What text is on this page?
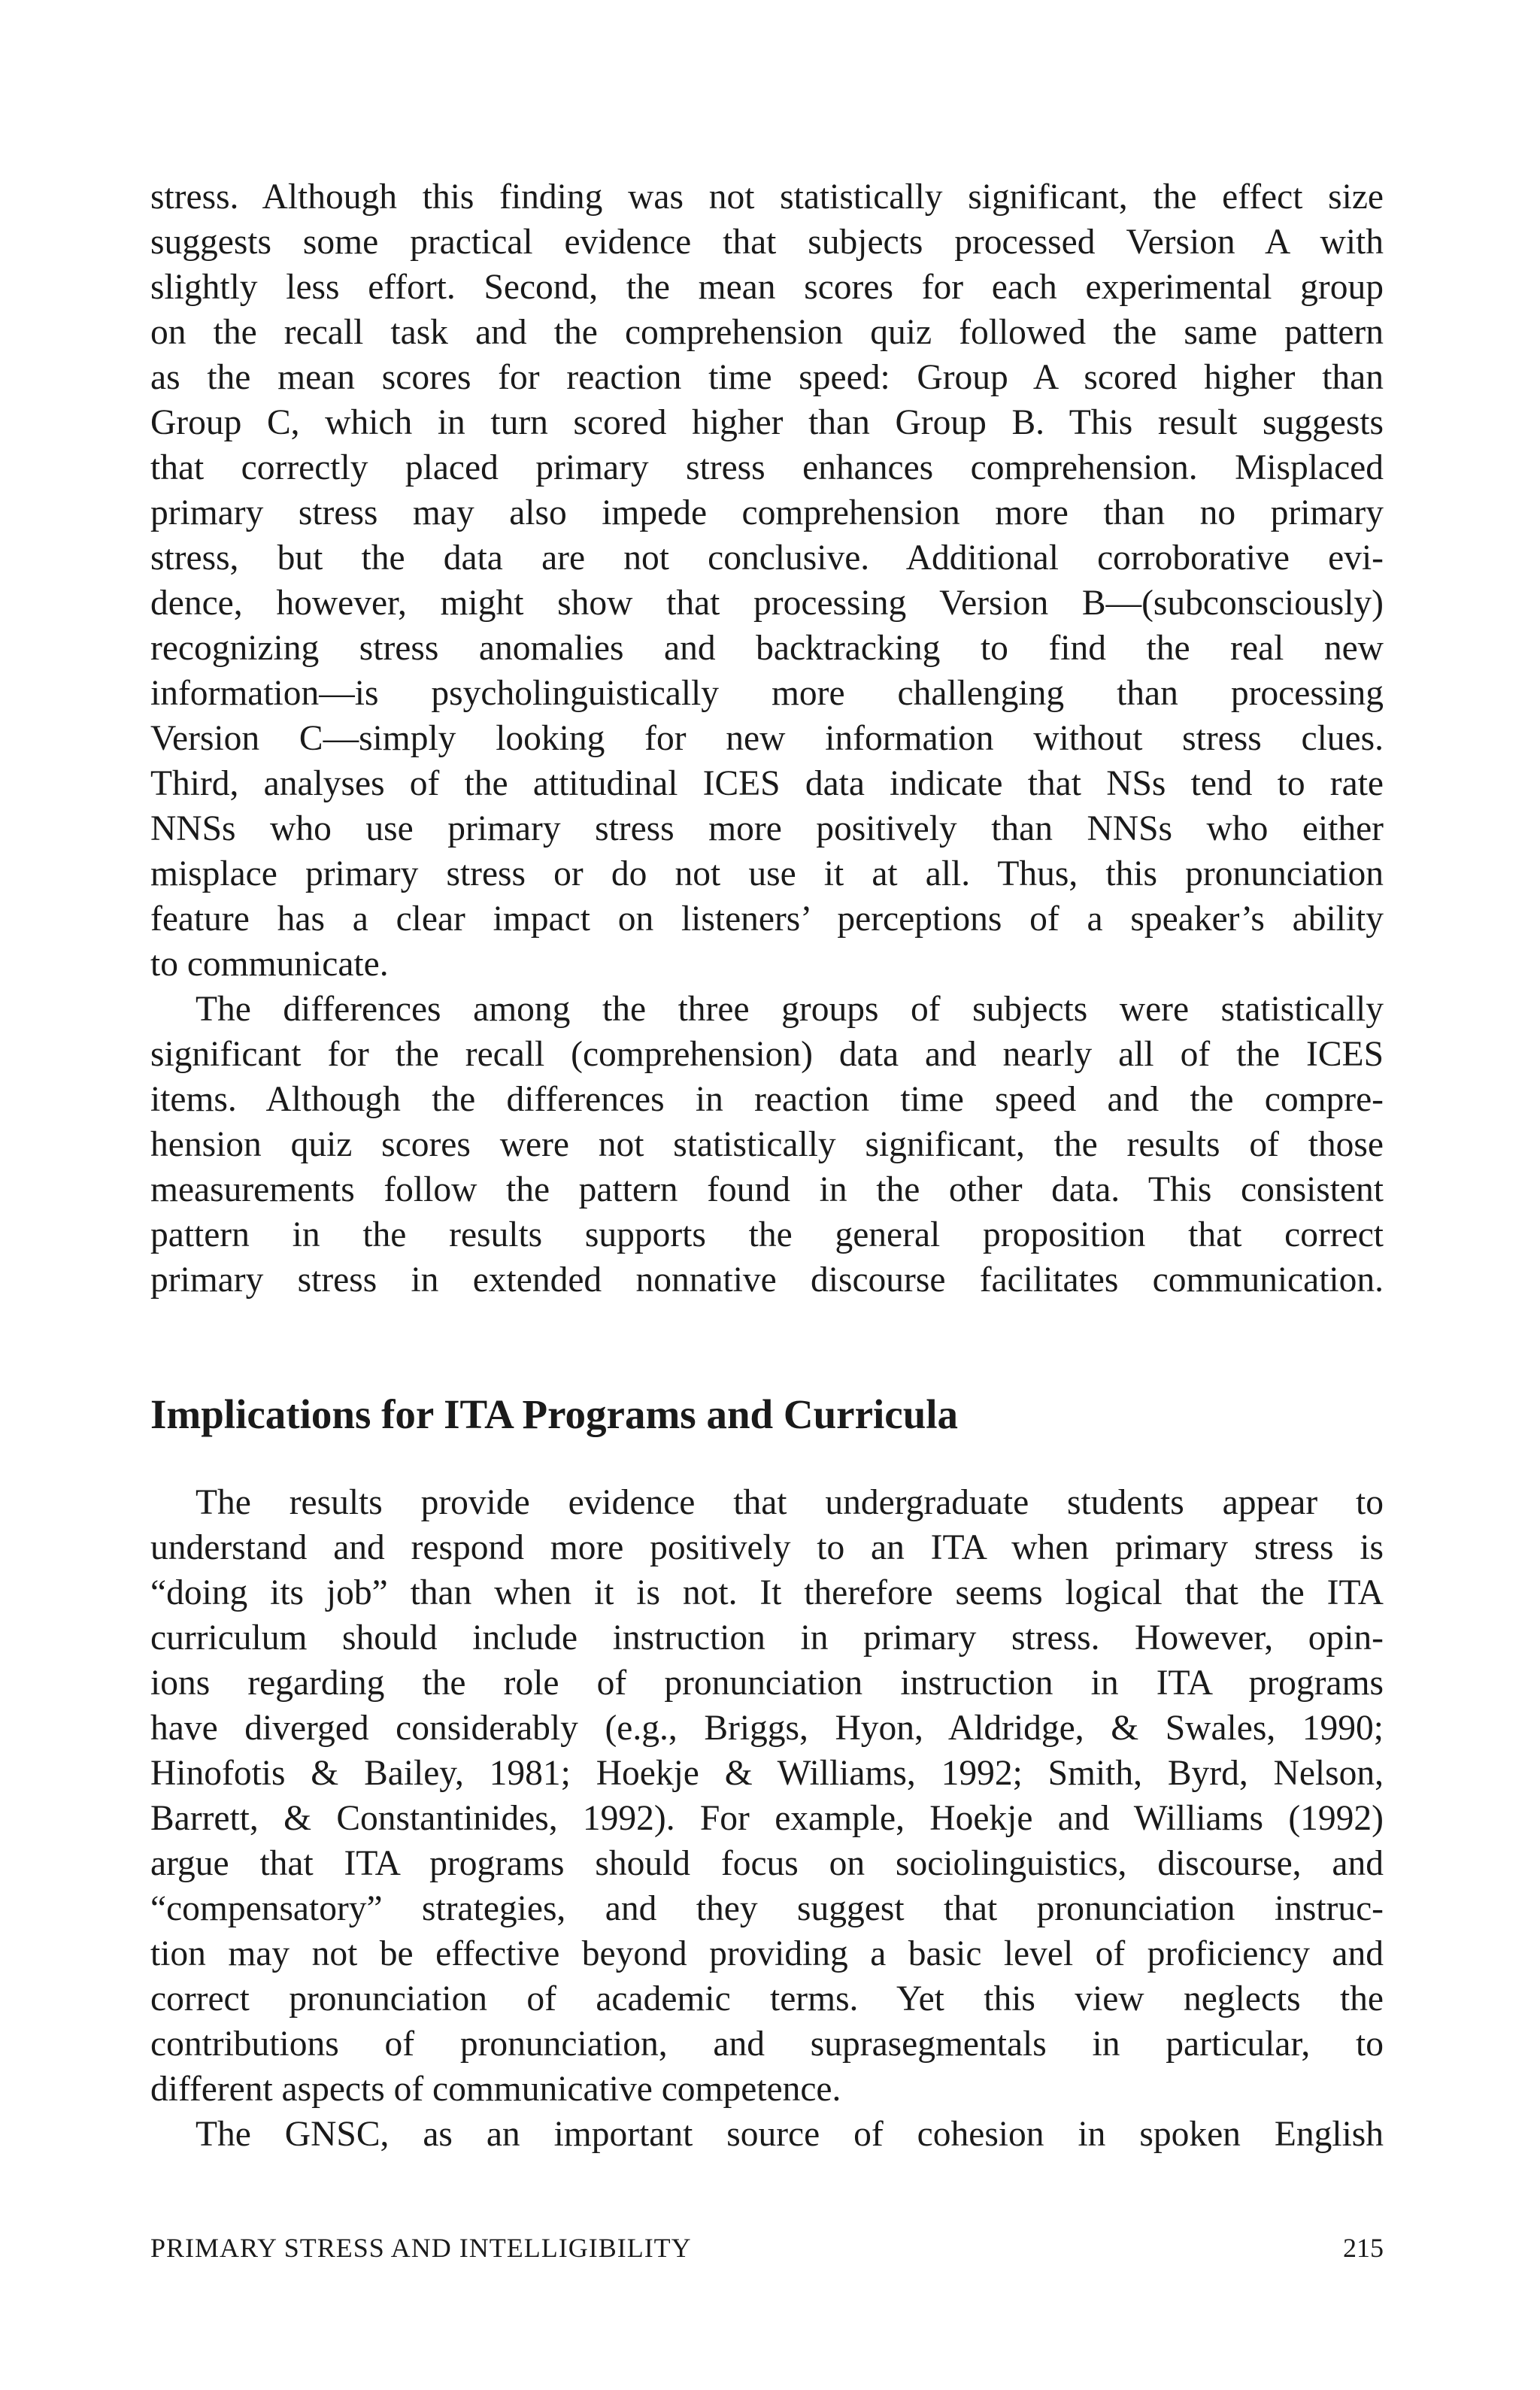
stress. Although this finding was not statistically significant, the effect size
suggests some practical evidence that subjects processed Version A with
slightly less effort. Second, the mean scores for each experimental group
on the recall task and the comprehension quiz followed the same pattern
as the mean scores for reaction time speed: Group A scored higher than
Group C, which in turn scored higher than Group B. This result suggests
that correctly placed primary stress enhances comprehension. Misplaced
primary stress may also impede comprehension more than no primary
stress, but the data are not conclusive. Additional corroborative evi-
dence, however, might show that processing Version B—(subconsciously)
recognizing stress anomalies and backtracking to find the real new
information—is psycholinguistically more challenging than processing
Version C—simply looking for new information without stress clues.
Third, analyses of the attitudinal ICES data indicate that NSs tend to rate
NNSs who use primary stress more positively than NNSs who either
misplace primary stress or do not use it at all. Thus, this pronunciation
feature has a clear impact on listeners’ perceptions of a speaker’s ability
to communicate.
The differences among the three groups of subjects were statistically
significant for the recall (comprehension) data and nearly all of the ICES
items. Although the differences in reaction time speed and the compre-
hension quiz scores were not statistically significant, the results of those
measurements follow the pattern found in the other data. This consistent
pattern in the results supports the general proposition that correct
primary stress in extended nonnative discourse facilitates communication.
Implications for ITA Programs and Curricula
The results provide evidence that undergraduate students appear to
understand and respond more positively to an ITA when primary stress is
“doing its job” than when it is not. It therefore seems logical that the ITA
curriculum should include instruction in primary stress. However, opin-
ions regarding the role of pronunciation instruction in ITA programs
have diverged considerably (e.g., Briggs, Hyon, Aldridge, & Swales, 1990;
Hinofotis & Bailey, 1981; Hoekje & Williams, 1992; Smith, Byrd, Nelson,
Barrett, & Constantinides, 1992). For example, Hoekje and Williams (1992)
argue that ITA programs should focus on sociolinguistics, discourse, and
“compensatory” strategies, and they suggest that pronunciation instruc-
tion may not be effective beyond providing a basic level of proficiency and
correct pronunciation of academic terms. Yet this view neglects the
contributions of pronunciation, and suprasegmentals in particular, to
different aspects of communicative competence.
The GNSC, as an important source of cohesion in spoken English
PRIMARY STRESS AND INTELLIGIBILITY	215
